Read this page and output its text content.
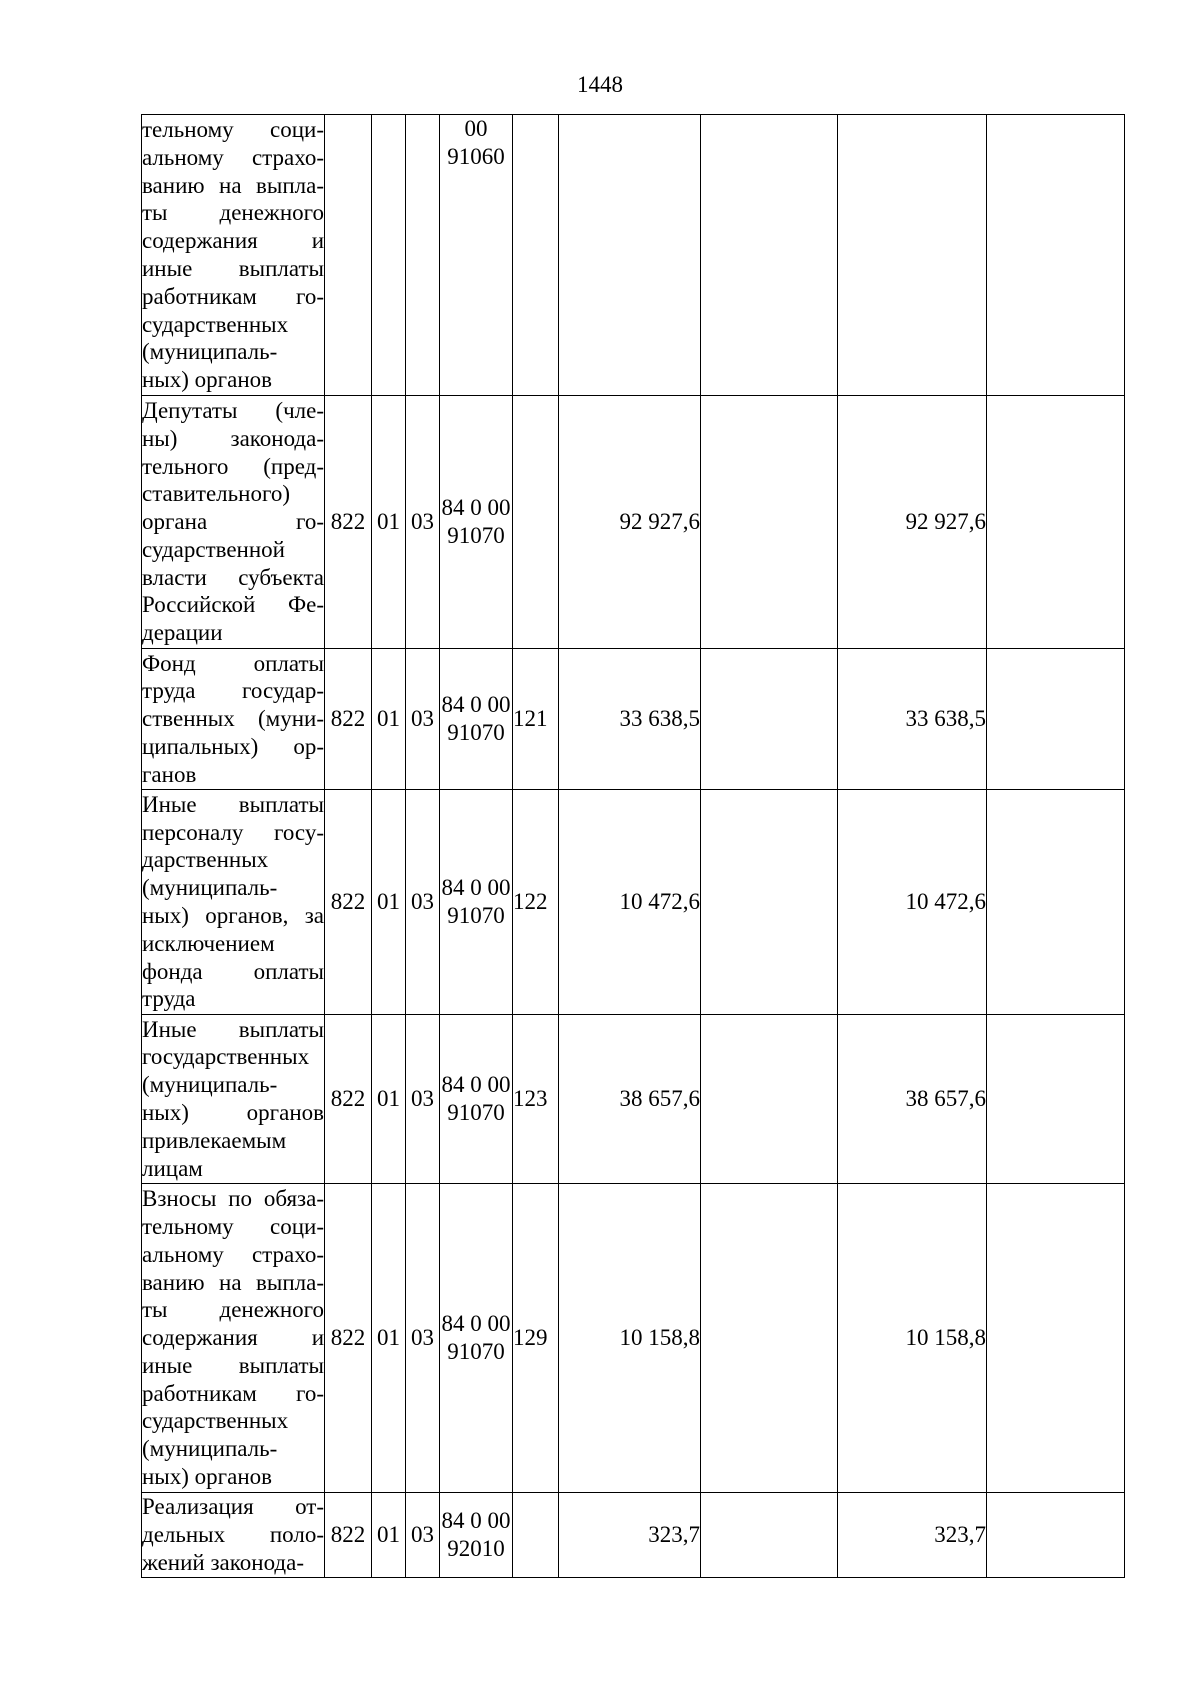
1448
тельному соци- альному страхо- ванию на выпла- ты денежного содержания и иные выплаты работникам го- сударственных (муниципаль- ных) органов				00 91060					
Депутаты (чле- ны) законода- тельного (пред- ставительного) органа го- сударственной власти субъекта Российской Фе- дерации	822	01	03	84 0 00 91070		92 927,6		92 927,6	
Фонд оплаты труда государ- ственных (муни- ципальных) ор- ганов	822	01	03	84 0 00 91070	121	33 638,5		33 638,5	
Иные выплаты персоналу госу- дарственных (муниципаль- ных) органов, за исключением фонда оплаты труда	822	01	03	84 0 00 91070	122	10 472,6		10 472,6	
Иные выплаты государственных (муниципаль- ных) органов привлекаемым лицам	822	01	03	84 0 00 91070	123	38 657,6		38 657,6	
Взносы по обяза- тельному соци- альному страхо- ванию на выпла- ты денежного содержания и иные выплаты работникам го- сударственных (муниципаль- ных) органов	822	01	03	84 0 00 91070	129	10 158,8		10 158,8	
Реализация от- дельных поло- жений законода-	822	01	03	84 0 00 92010		323,7		323,7	
